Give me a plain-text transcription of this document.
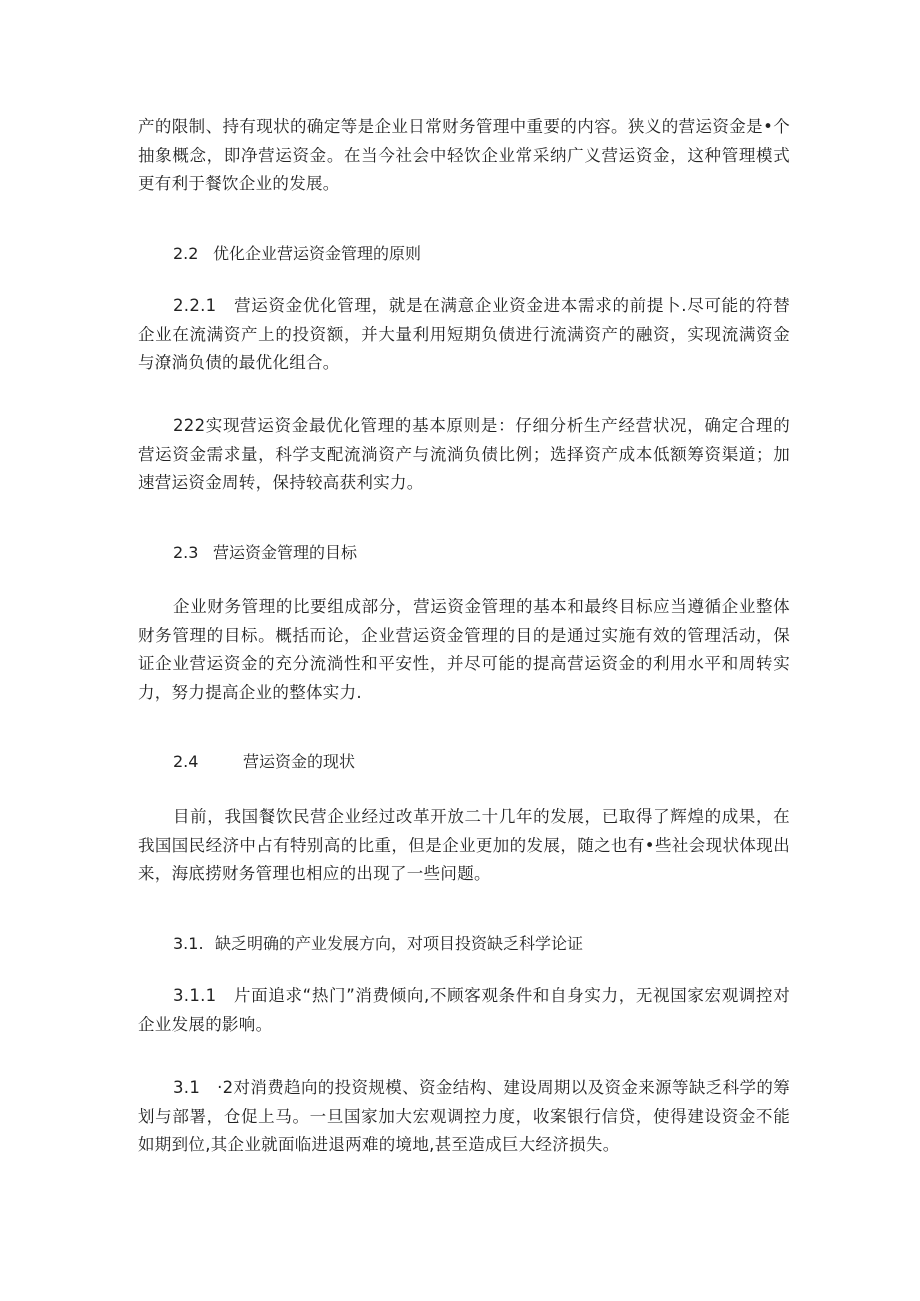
产的限制、持有现状的确定等是企业日常财务管理中重要的内容。狭义的营运资金是•个抽象概念，即净营运资金。在当今社会中轻饮企业常采纳广义营运资金，这种管理模式更有利于餐饮企业的发展。

2.2 优化企业营运资金管理的原则

2.2.1　营运资金优化管理，就是在满意企业资金进本需求的前提卜.尽可能的符替企业在流满资产上的投资额，并大量利用短期负债进行流满资产的融资，实现流满资金与潦淌负债的最优化组合。

222实现营运资金最优化管理的基本原则是：仔细分析生产经营状况，确定合理的营运资金需求量，科学支配流淌资产与流淌负债比例；选择资产成本低额筹资渠道；加速营运资金周转，保持较高获利实力。

2.3 营运资金管理的目标

企业财务管理的比要组成部分，营运资金管理的基本和最终目标应当遵循企业整体财务管理的目标。概括而论，企业营运资金管理的目的是通过实施有效的管理活动，保证企业营运资金的充分流淌性和平安性，并尽可能的提高营运资金的利用水平和周转实力，努力提高企业的整体实力.

2.4	营运资金的现状

目前，我国餐饮民营企业经过改革开放二十几年的发展，已取得了辉煌的成果，在我国国民经济中占有特别高的比重，但是企业更加的发展，随之也有•些社会现状体现出来，海底捞财务管理也相应的出现了一些问题。

3.1. 缺乏明确的产业发展方向，对项目投资缺乏科学论证

3.1.1　片面追求“热门”消费倾向,不顾客观条件和自身实力，无视国家宏观调控对企业发展的影响。

3.1　·2对消费趋向的投资规模、资金结构、建设周期以及资金来源等缺乏科学的筹划与部署，仓促上马。一旦国家加大宏观调控力度，收案银行信贷，使得建设资金不能如期到位,其企业就面临进退两难的境地,甚至造成巨大经济损失。
